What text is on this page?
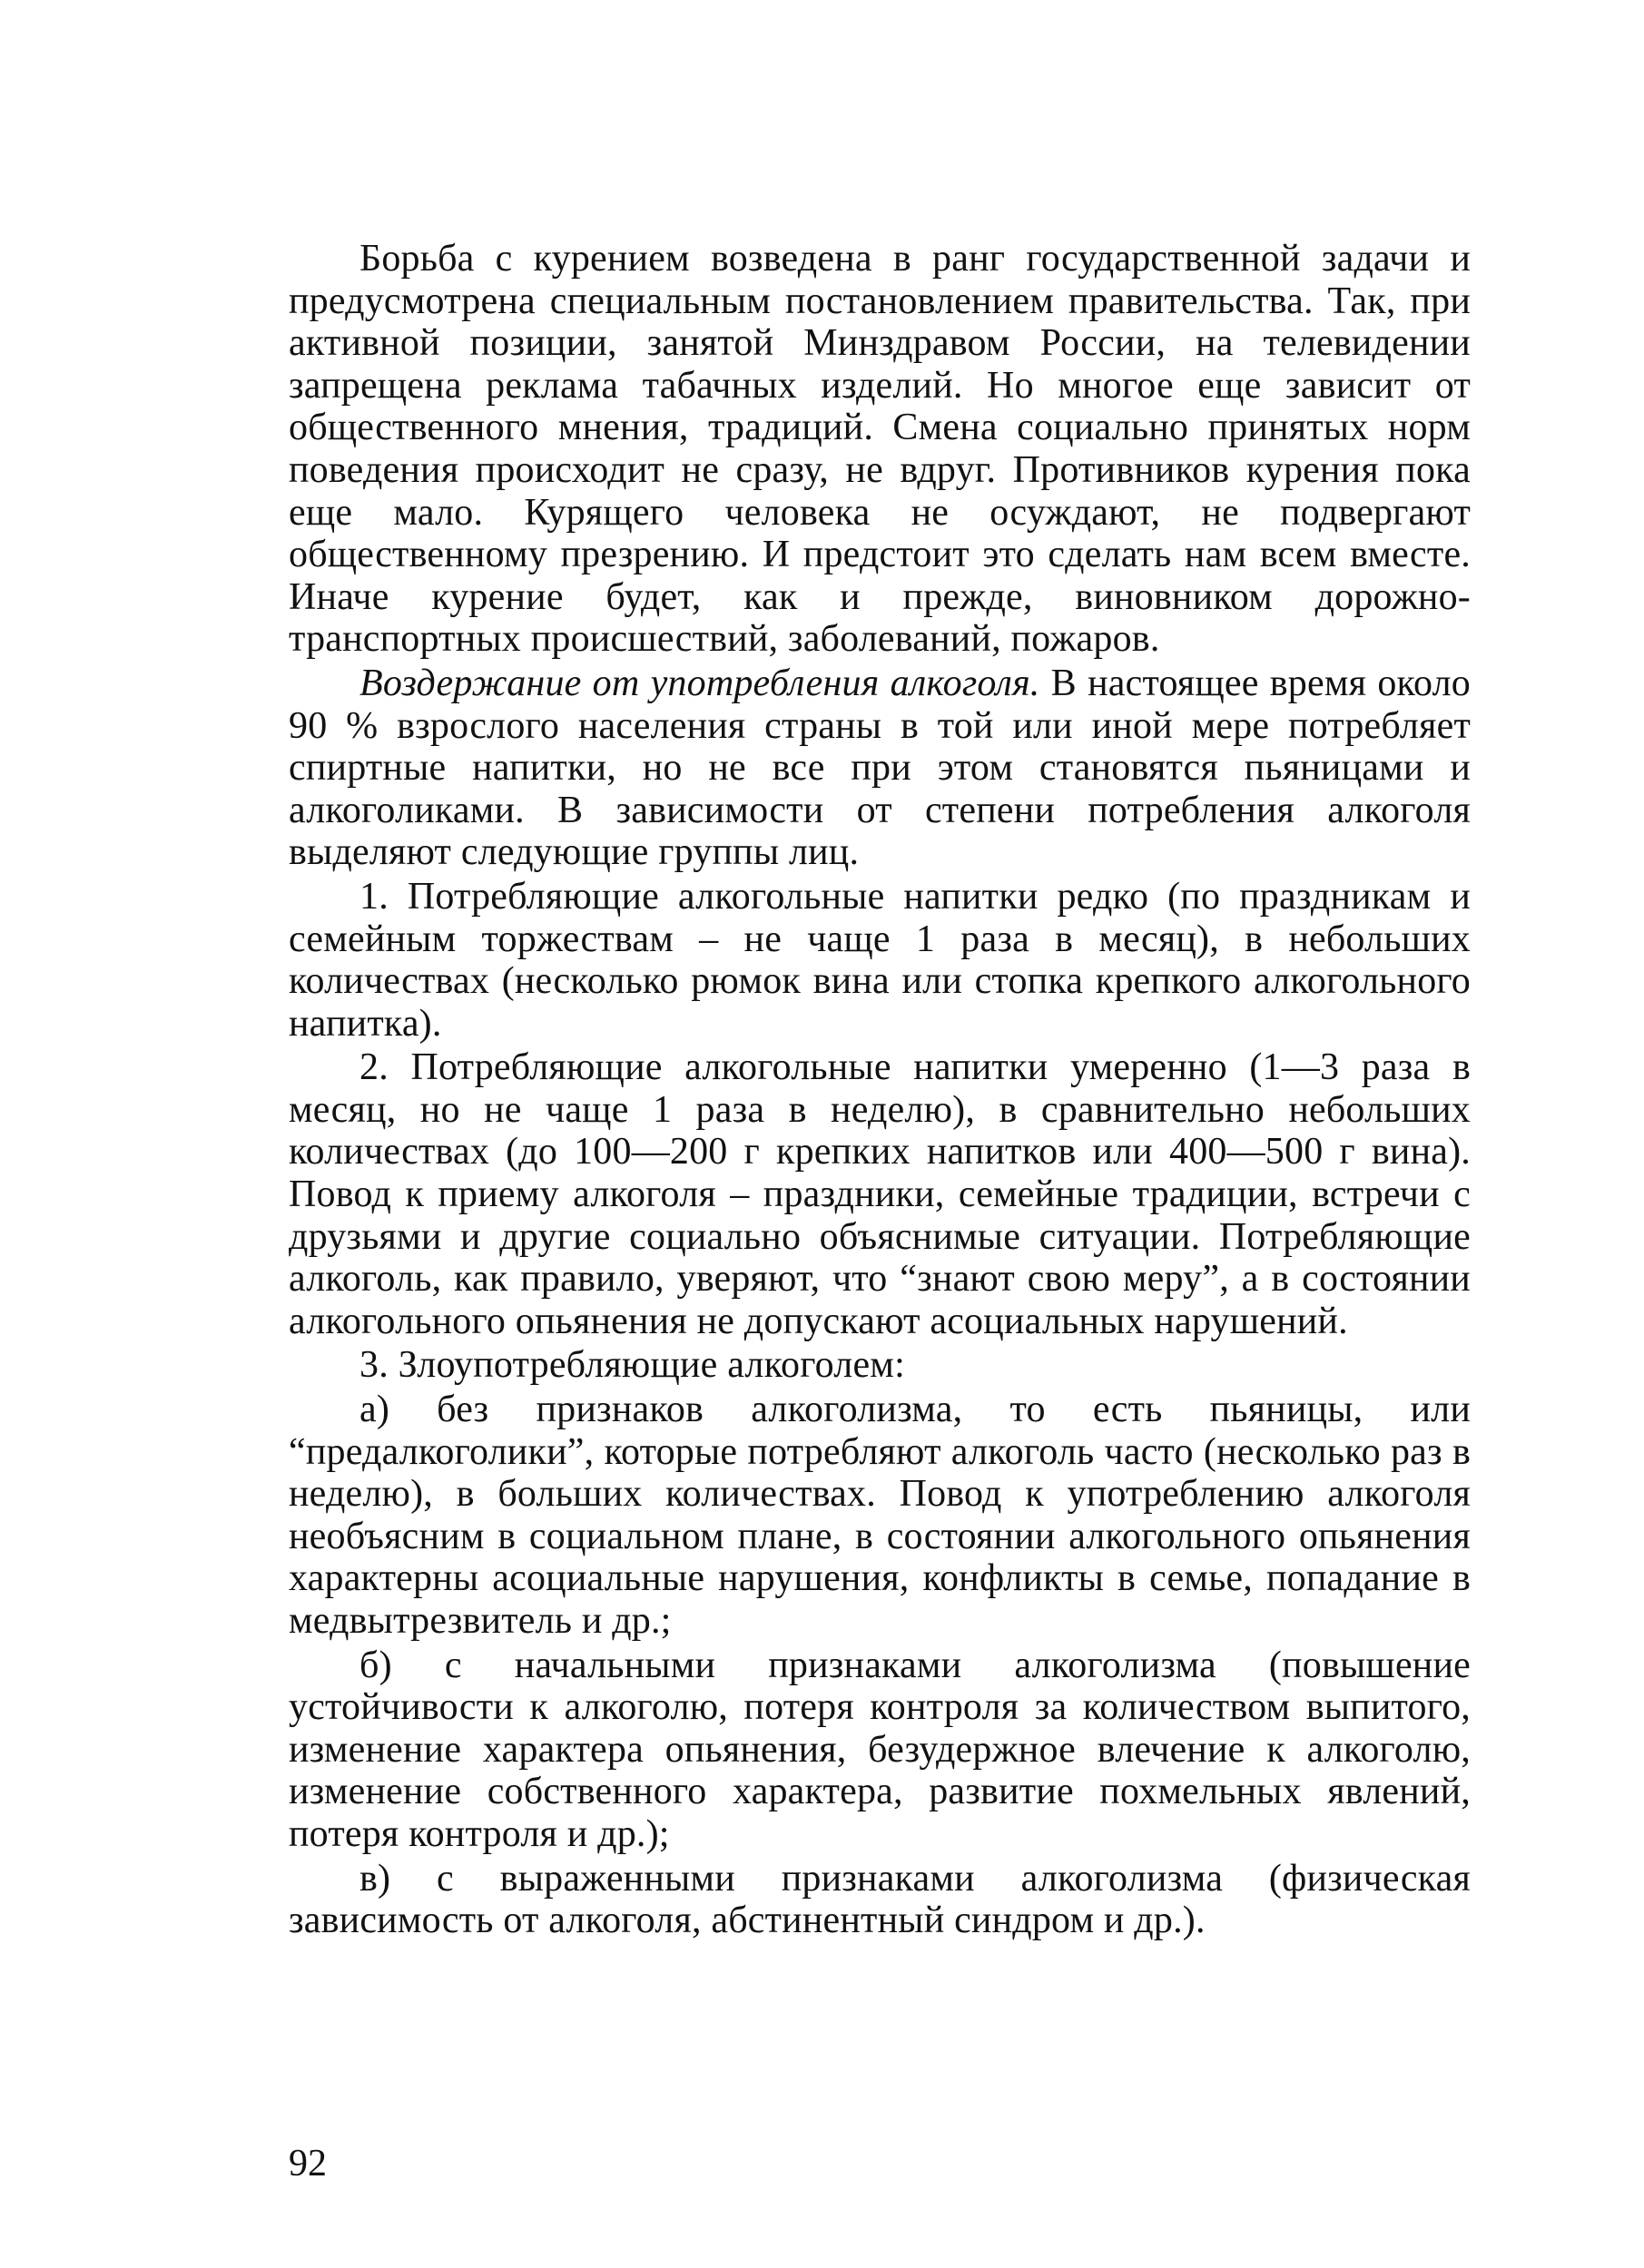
Борьба с курением возведена в ранг государственной задачи и предусмотрена специальным постановлением правительства. Так, при активной позиции, занятой Минздравом России, на телевидении запрещена реклама табачных изделий. Но многое еще зависит от общественного мнения, традиций. Смена социально принятых норм поведения происходит не сразу, не вдруг. Противников курения пока еще мало. Курящего человека не осуждают, не подвергают общественному презрению. И предстоит это сделать нам всем вместе. Иначе курение будет, как и прежде, виновником дорожно-транспортных происшествий, заболеваний, пожаров.

Воздержание от употребления алкоголя. В настоящее время около 90 % взрослого населения страны в той или иной мере потребляет спиртные напитки, но не все при этом становятся пьяницами и алкоголиками. В зависимости от степени потребления алкоголя выделяют следующие группы лиц.

1. Потребляющие алкогольные напитки редко (по праздникам и семейным торжествам – не чаще 1 раза в месяц), в небольших количествах (несколько рюмок вина или стопка крепкого алкогольного напитка).

2. Потребляющие алкогольные напитки умеренно (1—3 раза в месяц, но не чаще 1 раза в неделю), в сравнительно небольших количествах (до 100—200 г крепких напитков или 400—500 г вина). Повод к приему алкоголя – праздники, семейные традиции, встречи с друзьями и другие социально объяснимые ситуации. Потребляющие алкоголь, как правило, уверяют, что “знают свою меру”, а в состоянии алкогольного опьянения не допускают асоциальных нарушений.

3. Злоупотребляющие алкоголем:

а) без признаков алкоголизма, то есть пьяницы, или “предалкоголики”, которые потребляют алкоголь часто (несколько раз в неделю), в больших количествах. Повод к употреблению алкоголя необъясним в социальном плане, в состоянии алкогольного опьянения характерны асоциальные нарушения, конфликты в семье, попадание в медвытрезвитель и др.;

б) с начальными признаками алкоголизма (повышение устойчивости к алкоголю, потеря контроля за количеством выпитого, изменение характера опьянения, безудержное влечение к алкоголю, изменение собственного характера, развитие похмельных явлений, потеря контроля и др.);

в) с выраженными признаками алкоголизма (физическая зависимость от алкоголя, абстинентный синдром и др.).

92
